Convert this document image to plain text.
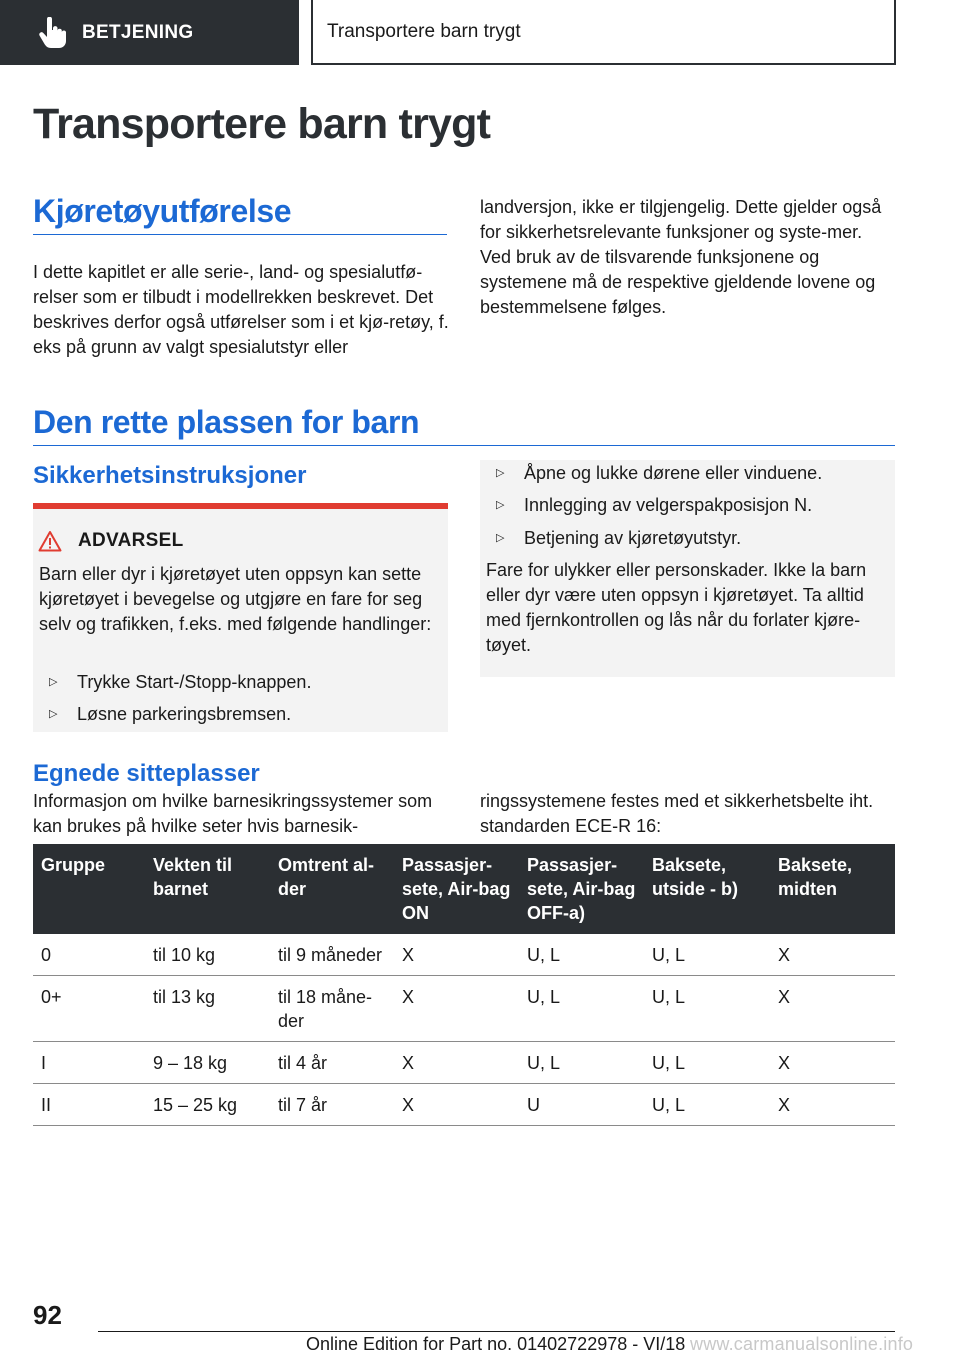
BETJENING	Transportere barn trygt
Transportere barn trygt
Kjøretøyutførelse
I dette kapitlet er alle serie-, land- og spesialutfø-relser som er tilbudt i modellrekken beskrevet. Det beskrives derfor også utførelser som i et kjø-retøy, f. eks på grunn av valgt spesialutstyr eller
landversjon, ikke er tilgjengelig. Dette gjelder også for sikkerhetsrelevante funksjoner og syste-mer. Ved bruk av de tilsvarende funksjonene og systemene må de respektive gjeldende lovene og bestemmelsene følges.
Den rette plassen for barn
Sikkerhetsinstruksjoner
ADVARSEL
Barn eller dyr i kjøretøyet uten oppsyn kan sette kjøretøyet i bevegelse og utgjøre en fare for seg selv og trafikken, f.eks. med følgende handlinger:
▷	Trykke Start-/Stopp-knappen.
▷	Løsne parkeringsbremsen.
▷	Åpne og lukke dørene eller vinduene.
▷	Innlegging av velgerspakposisjon N.
▷	Betjening av kjøretøyutstyr.
Fare for ulykker eller personskader. Ikke la barn eller dyr være uten oppsyn i kjøretøyet. Ta alltid med fjernkontrollen og lås når du forlater kjøre-tøyet.
Egnede sitteplasser
Informasjon om hvilke barnesikringssystemer som kan brukes på hvilke seter hvis barnesik-
ringssystemene festes med et sikkerhetsbelte iht. standarden ECE-R 16:
Gruppe	Vekten til barnet	Omtrent al-der	Passasjer-sete, Air-bag ON	Passasjer-sete, Air-bag OFF-a)	Baksete, utside - b)	Baksete, midten
0	til 10 kg	til 9 måneder	X	U, L	U, L	X
0+	til 13 kg	til 18 måne-der	X	U, L	U, L	X
I	9 – 18 kg	til 4 år	X	U, L	U, L	X
II	15 – 25 kg	til 7 år	X	U	U, L	X
92
Online Edition for Part no. 01402722978 - VI/18 www.carmanualsonline.info
